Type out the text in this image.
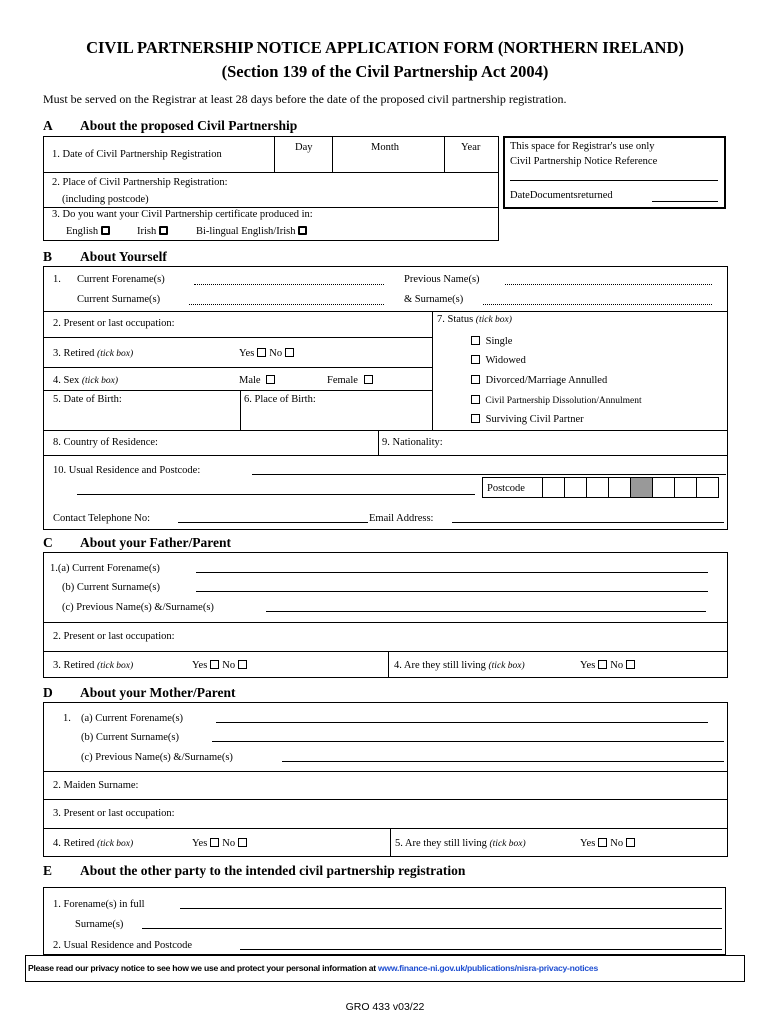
CIVIL PARTNERSHIP NOTICE APPLICATION FORM (NORTHERN IRELAND)
(Section 139 of the Civil Partnership Act 2004)
Must be served on the Registrar at least 28 days before the date of the proposed civil partnership registration.
A About the proposed Civil Partnership
1. Date of Civil Partnership Registration
Day	Month	Year
2. Place of Civil Partnership Registration:
(including postcode)
3. Do you want your Civil Partnership certificate produced in:
English	Irish	Bi-lingual English/Irish
This space for Registrar's use only
Civil Partnership Notice Reference
DateDocumentsreturned
B About Yourself
1. Current Forename(s)
Current Surname(s)
Previous Name(s)
& Surname(s)
2. Present or last occupation:
3. Retired (tick box)	Yes No
4. Sex (tick box)	Male	Female
5. Date of Birth:	6. Place of Birth:
7. Status (tick box)
Single
Widowed
Divorced/Marriage Annulled
Civil Partnership Dissolution/Annulment
Surviving Civil Partner
8. Country of Residence:	9. Nationality:
10. Usual Residence and Postcode:
Postcode
Contact Telephone No:	Email Address:
C About your Father/Parent
1.(a) Current Forename(s)
(b) Current Surname(s)
(c) Previous Name(s) &/Surname(s)
2. Present or last occupation:
3. Retired (tick box)	Yes No	4. Are they still living (tick box)	Yes No
D About your Mother/Parent
1. (a) Current Forename(s)
(b) Current Surname(s)
(c) Previous Name(s) &/Surname(s)
2. Maiden Surname:
3. Present or last occupation:
4. Retired (tick box)	Yes No	5. Are they still living (tick box)	Yes No
E About the other party to the intended civil partnership registration
1. Forename(s) in full
Surname(s)
2. Usual Residence and Postcode
Please read our privacy notice to see how we use and protect your personal information at www.finance-ni.gov.uk/publications/nisra-privacy-notices
GRO 433 v03/22
